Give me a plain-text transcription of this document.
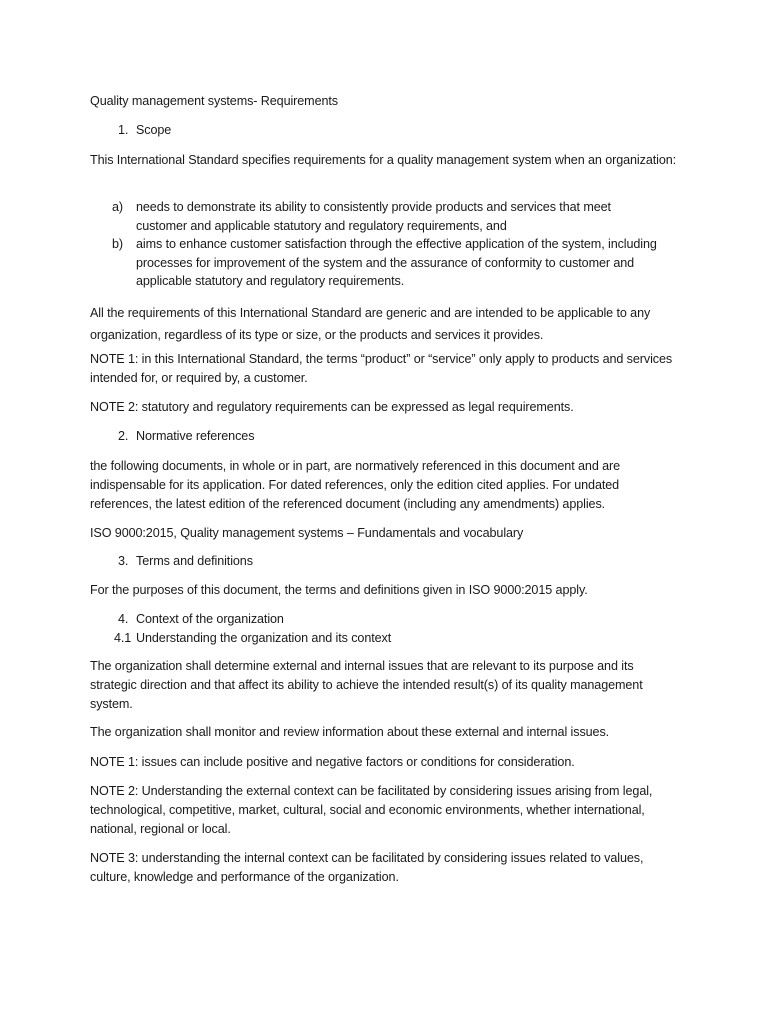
Quality management systems- Requirements

1. Scope

This International Standard specifies requirements for a quality management system when an organization:

a) needs to demonstrate its ability to consistently provide products and services that meet customer and applicable statutory and regulatory requirements, and
b) aims to enhance customer satisfaction through the effective application of the system, including processes for improvement of the system and the assurance of conformity to customer and applicable statutory and regulatory requirements.

All the requirements of this International Standard are generic and are intended to be applicable to any organization, regardless of its type or size, or the products and services it provides.

NOTE 1: in this International Standard, the terms “product” or “service” only apply to products and services intended for, or required by, a customer.

NOTE 2: statutory and regulatory requirements can be expressed as legal requirements.

2. Normative references

the following documents, in whole or in part, are normatively referenced in this document and are indispensable for its application. For dated references, only the edition cited applies. For undated references, the latest edition of the referenced document (including any amendments) applies.

ISO 9000:2015, Quality management systems – Fundamentals and vocabulary

3. Terms and definitions

For the purposes of this document, the terms and definitions given in ISO 9000:2015 apply.

4. Context of the organization
4.1 Understanding the organization and its context

The organization shall determine external and internal issues that are relevant to its purpose and its strategic direction and that affect its ability to achieve the intended result(s) of its quality management system.

The organization shall monitor and review information about these external and internal issues.

NOTE 1: issues can include positive and negative factors or conditions for consideration.

NOTE 2: Understanding the external context can be facilitated by considering issues arising from legal, technological, competitive, market, cultural, social and economic environments, whether international, national, regional or local.

NOTE 3: understanding the internal context can be facilitated by considering issues related to values, culture, knowledge and performance of the organization.
